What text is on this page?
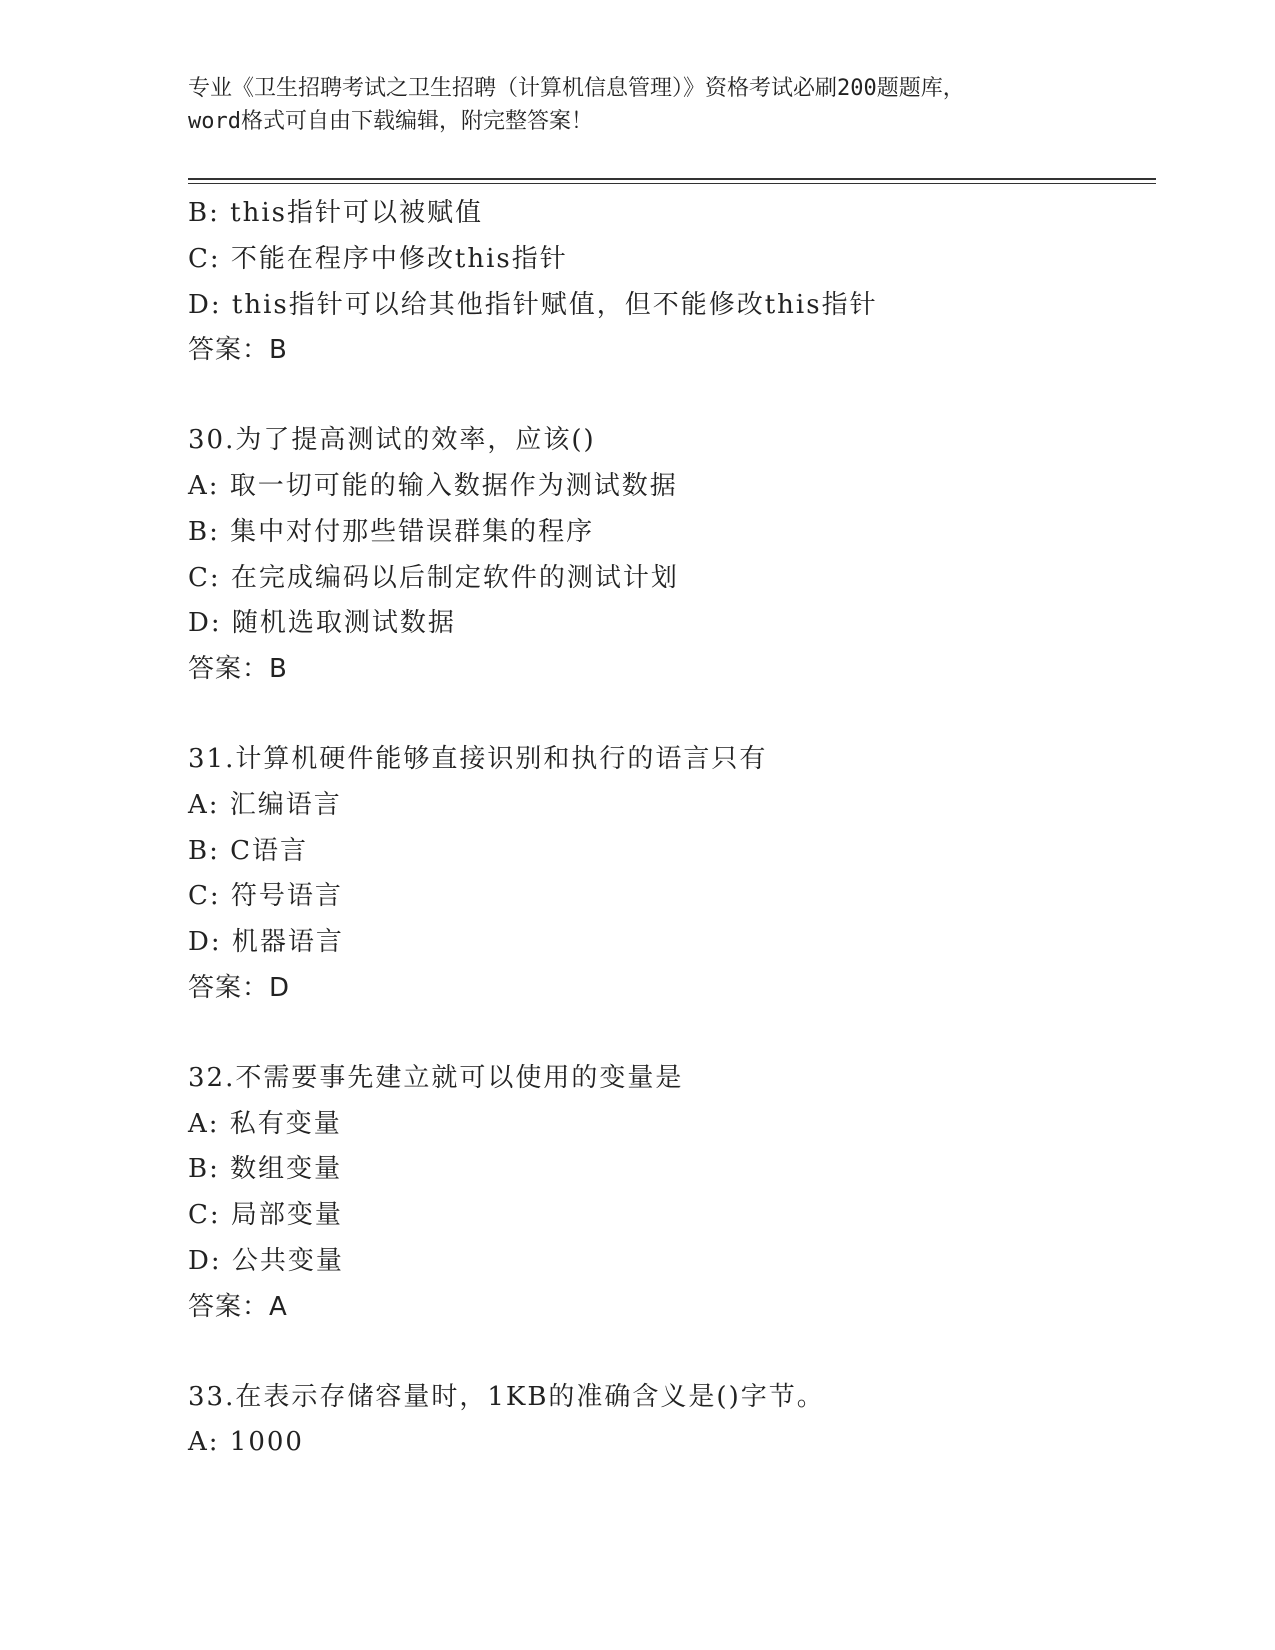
专业《卫生招聘考试之卫生招聘（计算机信息管理）》资格考试必刷200题题库，
word格式可自由下载编辑，附完整答案！
B: this指针可以被赋值
C: 不能在程序中修改this指针
D: this指针可以给其他指针赋值，但不能修改this指针
答案：B
30.为了提高测试的效率，应该()
A: 取一切可能的输入数据作为测试数据
B: 集中对付那些错误群集的程序
C: 在完成编码以后制定软件的测试计划
D: 随机选取测试数据
答案：B
31.计算机硬件能够直接识别和执行的语言只有
A: 汇编语言
B: C语言
C: 符号语言
D: 机器语言
答案：D
32.不需要事先建立就可以使用的变量是
A: 私有变量
B: 数组变量
C: 局部变量
D: 公共变量
答案：A
33.在表示存储容量时，1KB的准确含义是()字节。
A: 1000
